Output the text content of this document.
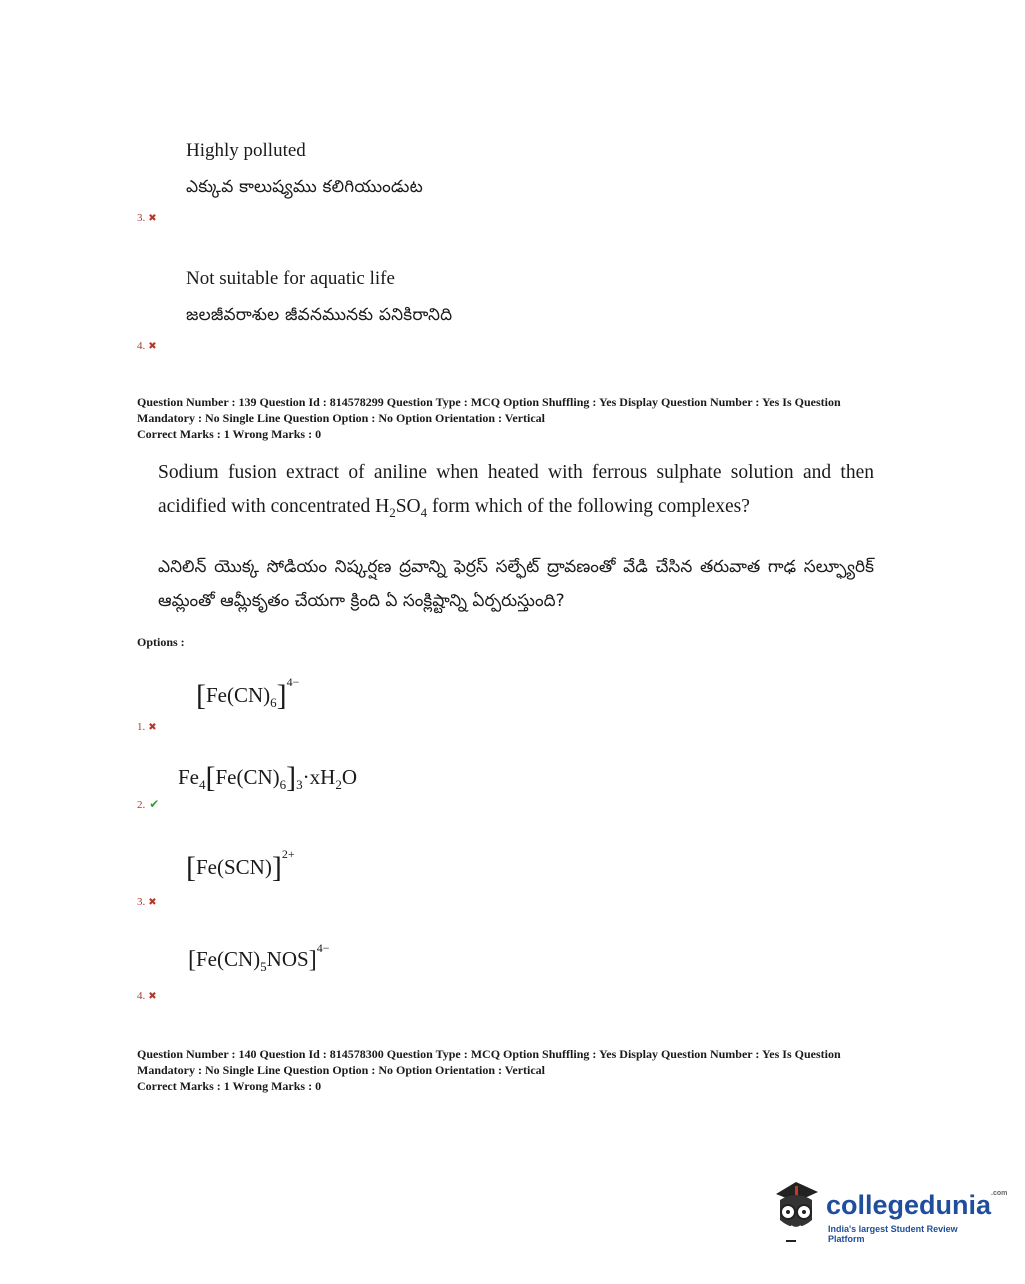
Highly polluted
ఎక్కువ కాలుష్యము కలిగియుండుట
3. ✖
Not suitable for aquatic life
జలజీవరాశుల జీవనమునకు పనికిరానిది
4. ✖
Question Number : 139 Question Id : 814578299 Question Type : MCQ Option Shuffling : Yes Display Question Number : Yes Is Question
Mandatory : No Single Line Question Option : No Option Orientation : Vertical
Correct Marks : 1 Wrong Marks : 0
Sodium fusion extract of aniline when heated with ferrous sulphate solution and then acidified with concentrated $H_2SO_4$ form which of the following complexes?
ఎనిలిన్ యొక్క సోడియం నిష్కర్షణ ద్రవాన్ని ఫెర్రస్ సల్ఫేట్ ద్రావణంతో వేడి చేసిన తరువాత గాఢ సల్ఫ్యూరిక్ ఆమ్లంతో ఆమ్లీకృతం చేయగా క్రింది ఏ సంక్లిష్టాన్ని ఏర్పరుస్తుంది?
Options :
$[Fe(CN)_6]^{4-}$
1. ✖
$Fe_4[Fe(CN)_6]_3\cdot xH_2O$
2. ✔
$[Fe(SCN)]^{2+}$
3. ✖
$[Fe(CN)_5NOS]^{4-}$
4. ✖
Question Number : 140 Question Id : 814578300 Question Type : MCQ Option Shuffling : Yes Display Question Number : Yes Is Question
Mandatory : No Single Line Question Option : No Option Orientation : Vertical
Correct Marks : 1 Wrong Marks : 0
collegedunia$^{.com}$
India's largest Student Review Platform
